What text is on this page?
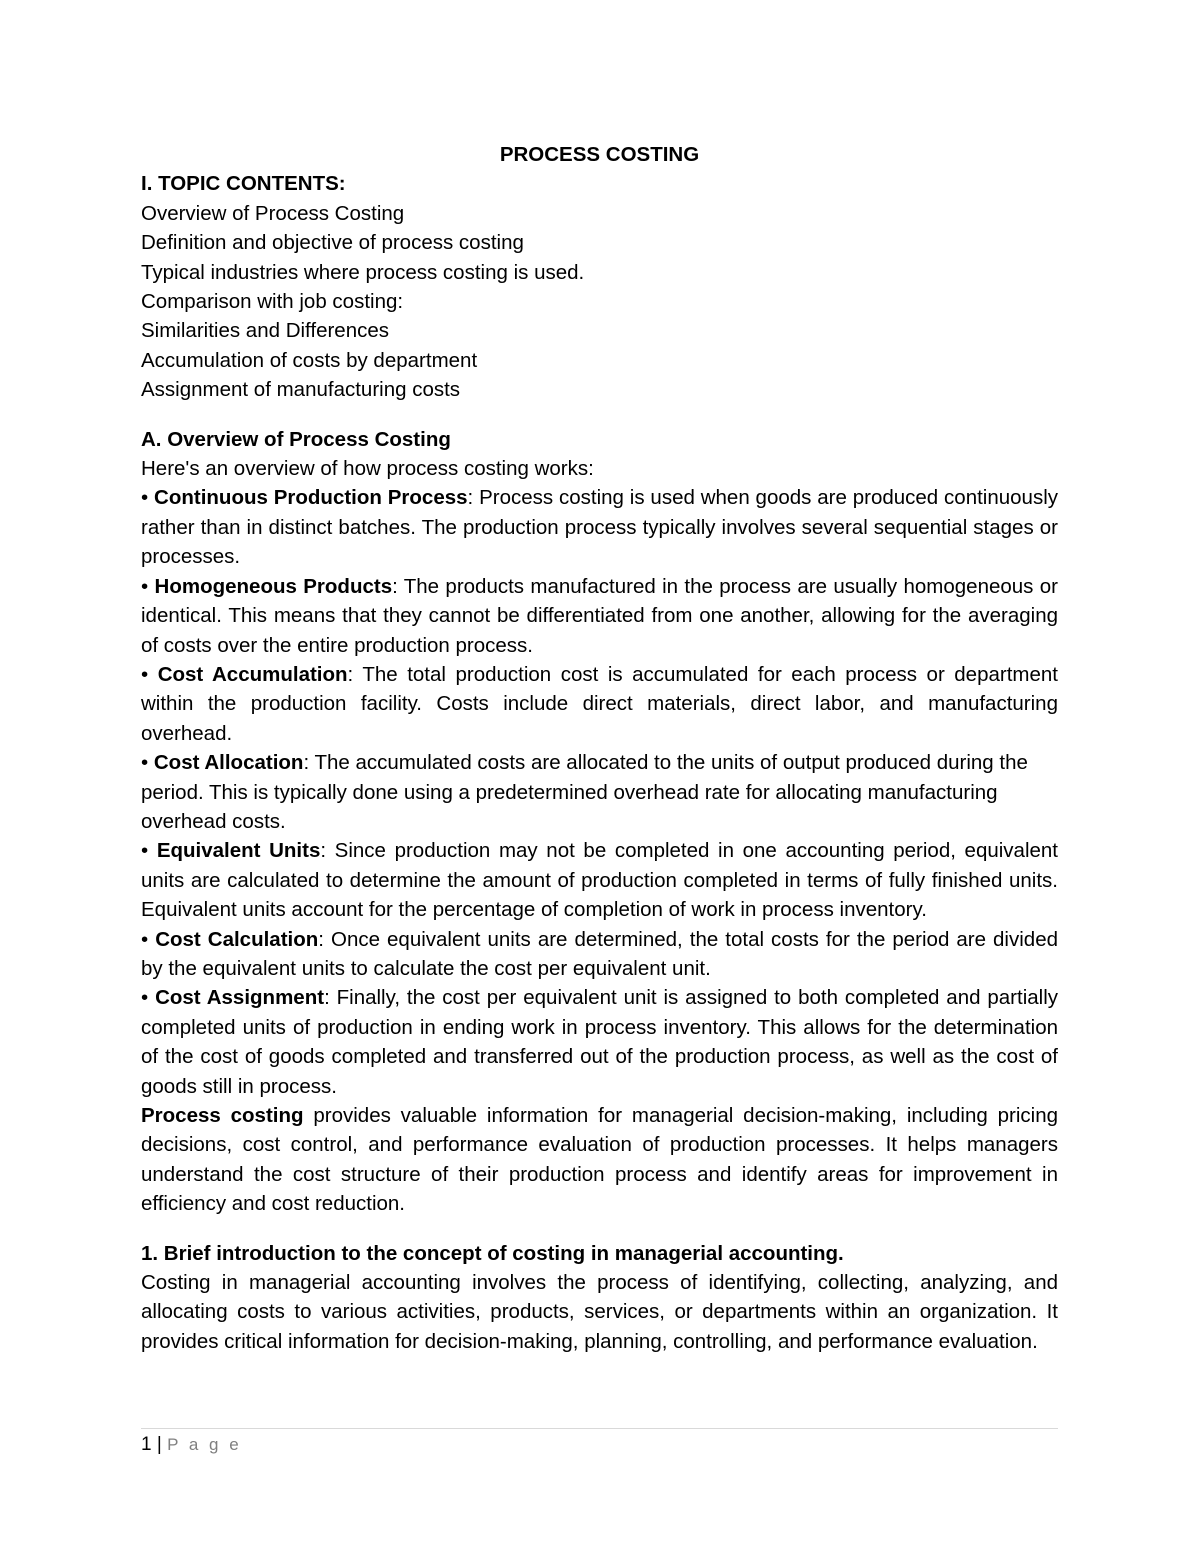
PROCESS COSTING

I. TOPIC CONTENTS:

Overview of Process Costing

Definition and objective of process costing

Typical industries where process costing is used.

Comparison with job costing:

Similarities and Differences

Accumulation of costs by department

Assignment of manufacturing costs

A. Overview of Process Costing

Here's an overview of how process costing works:

• Continuous Production Process: Process costing is used when goods are produced continuously rather than in distinct batches. The production process typically involves several sequential stages or processes.

• Homogeneous Products: The products manufactured in the process are usually homogeneous or identical. This means that they cannot be differentiated from one another, allowing for the averaging of costs over the entire production process.

• Cost Accumulation: The total production cost is accumulated for each process or department within the production facility. Costs include direct materials, direct labor, and manufacturing overhead.

• Cost Allocation: The accumulated costs are allocated to the units of output produced during the period. This is typically done using a predetermined overhead rate for allocating manufacturing overhead costs.

• Equivalent Units: Since production may not be completed in one accounting period, equivalent units are calculated to determine the amount of production completed in terms of fully finished units. Equivalent units account for the percentage of completion of work in process inventory.

• Cost Calculation: Once equivalent units are determined, the total costs for the period are divided by the equivalent units to calculate the cost per equivalent unit.

• Cost Assignment: Finally, the cost per equivalent unit is assigned to both completed and partially completed units of production in ending work in process inventory. This allows for the determination of the cost of goods completed and transferred out of the production process, as well as the cost of goods still in process.

Process costing provides valuable information for managerial decision-making, including pricing decisions, cost control, and performance evaluation of production processes. It helps managers understand the cost structure of their production process and identify areas for improvement in efficiency and cost reduction.

1. Brief introduction to the concept of costing in managerial accounting.

Costing in managerial accounting involves the process of identifying, collecting, analyzing, and allocating costs to various activities, products, services, or departments within an organization. It provides critical information for decision-making, planning, controlling, and performance evaluation.

1 | P a g e
